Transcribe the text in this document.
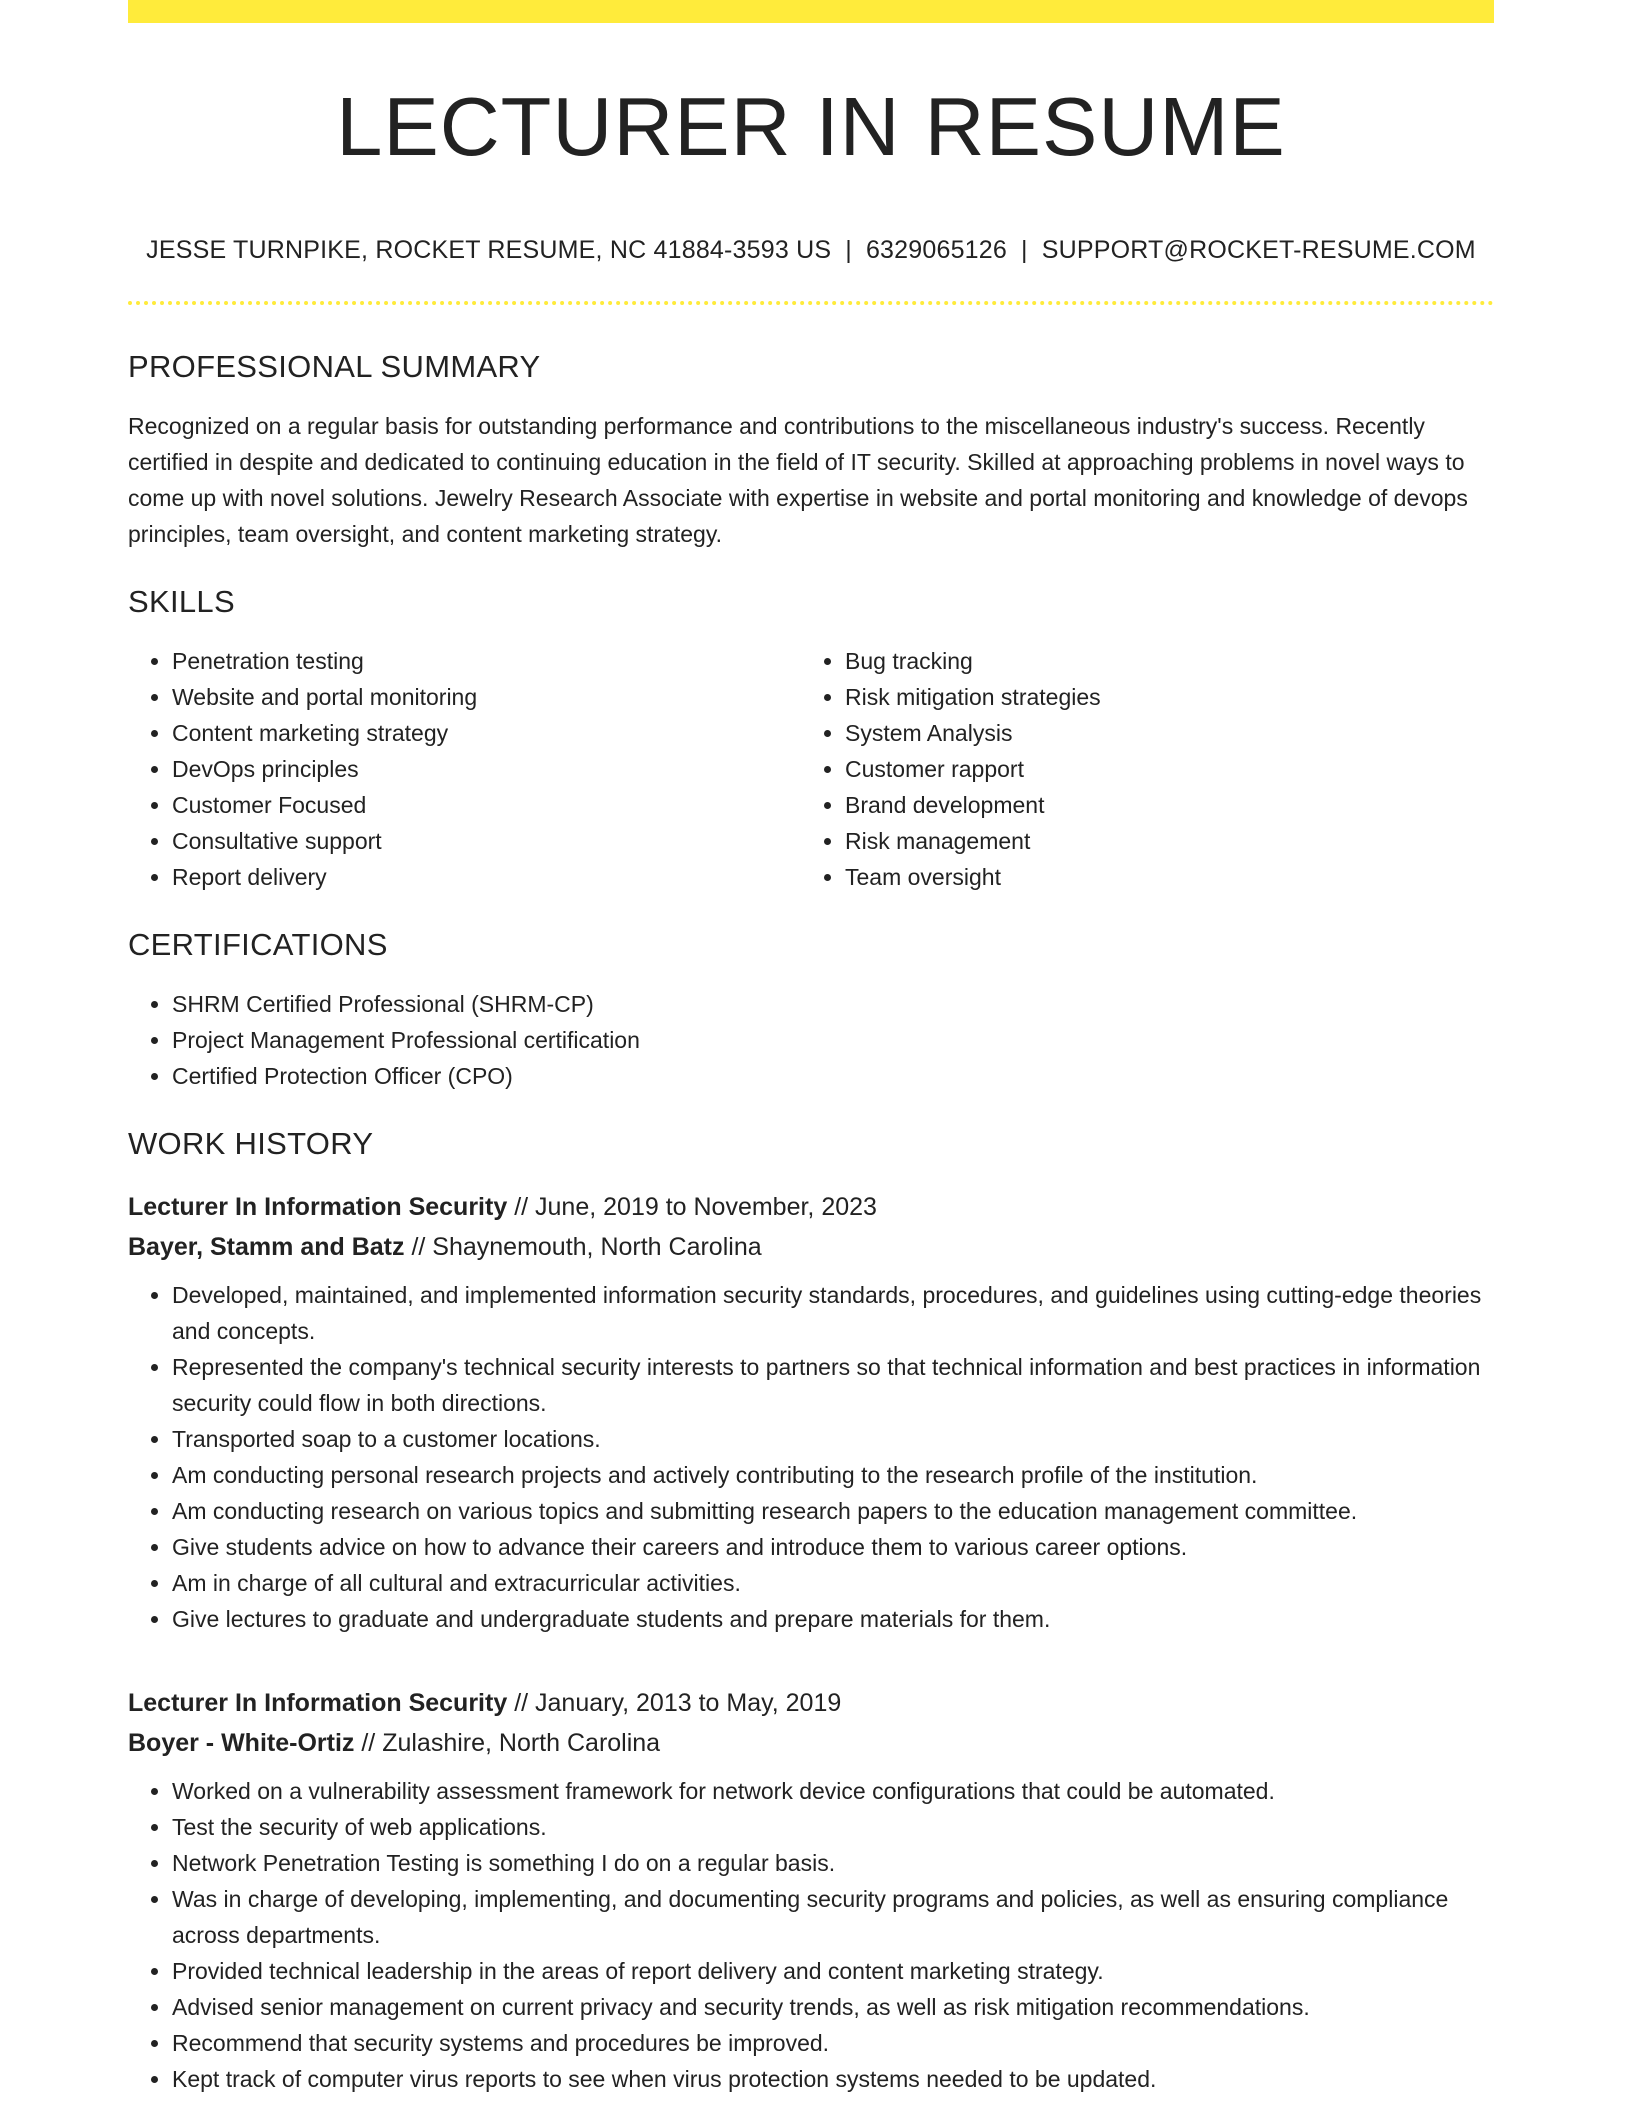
LECTURER IN RESUME
JESSE TURNPIKE, ROCKET RESUME, NC 41884-3593 US | 6329065126 | SUPPORT@ROCKET-RESUME.COM
PROFESSIONAL SUMMARY

Recognized on a regular basis for outstanding performance and contributions to the miscellaneous industry's success. Recently certified in despite and dedicated to continuing education in the field of IT security. Skilled at approaching problems in novel ways to come up with novel solutions. Jewelry Research Associate with expertise in website and portal monitoring and knowledge of devops principles, team oversight, and content marketing strategy.

SKILLS
• Penetration testing
• Website and portal monitoring
• Content marketing strategy
• DevOps principles
• Customer Focused
• Consultative support
• Report delivery
• Bug tracking
• Risk mitigation strategies
• System Analysis
• Customer rapport
• Brand development
• Risk management
• Team oversight
CERTIFICATIONS
• SHRM Certified Professional (SHRM-CP)
• Project Management Professional certification
• Certified Protection Officer (CPO)
WORK HISTORY
Lecturer In Information Security // June, 2019 to November, 2023
Bayer, Stamm and Batz // Shaynemouth, North Carolina
• Developed, maintained, and implemented information security standards, procedures, and guidelines using cutting-edge theories and concepts.
• Represented the company's technical security interests to partners so that technical information and best practices in information security could flow in both directions.
• Transported soap to a customer locations.
• Am conducting personal research projects and actively contributing to the research profile of the institution.
• Am conducting research on various topics and submitting research papers to the education management committee.
• Give students advice on how to advance their careers and introduce them to various career options.
• Am in charge of all cultural and extracurricular activities.
• Give lectures to graduate and undergraduate students and prepare materials for them.
Lecturer In Information Security // January, 2013 to May, 2019
Boyer - White-Ortiz // Zulashire, North Carolina
• Worked on a vulnerability assessment framework for network device configurations that could be automated.
• Test the security of web applications.
• Network Penetration Testing is something I do on a regular basis.
• Was in charge of developing, implementing, and documenting security programs and policies, as well as ensuring compliance across departments.
• Provided technical leadership in the areas of report delivery and content marketing strategy.
• Advised senior management on current privacy and security trends, as well as risk mitigation recommendations.
• Recommend that security systems and procedures be improved.
• Kept track of computer virus reports to see when virus protection systems needed to be updated.
